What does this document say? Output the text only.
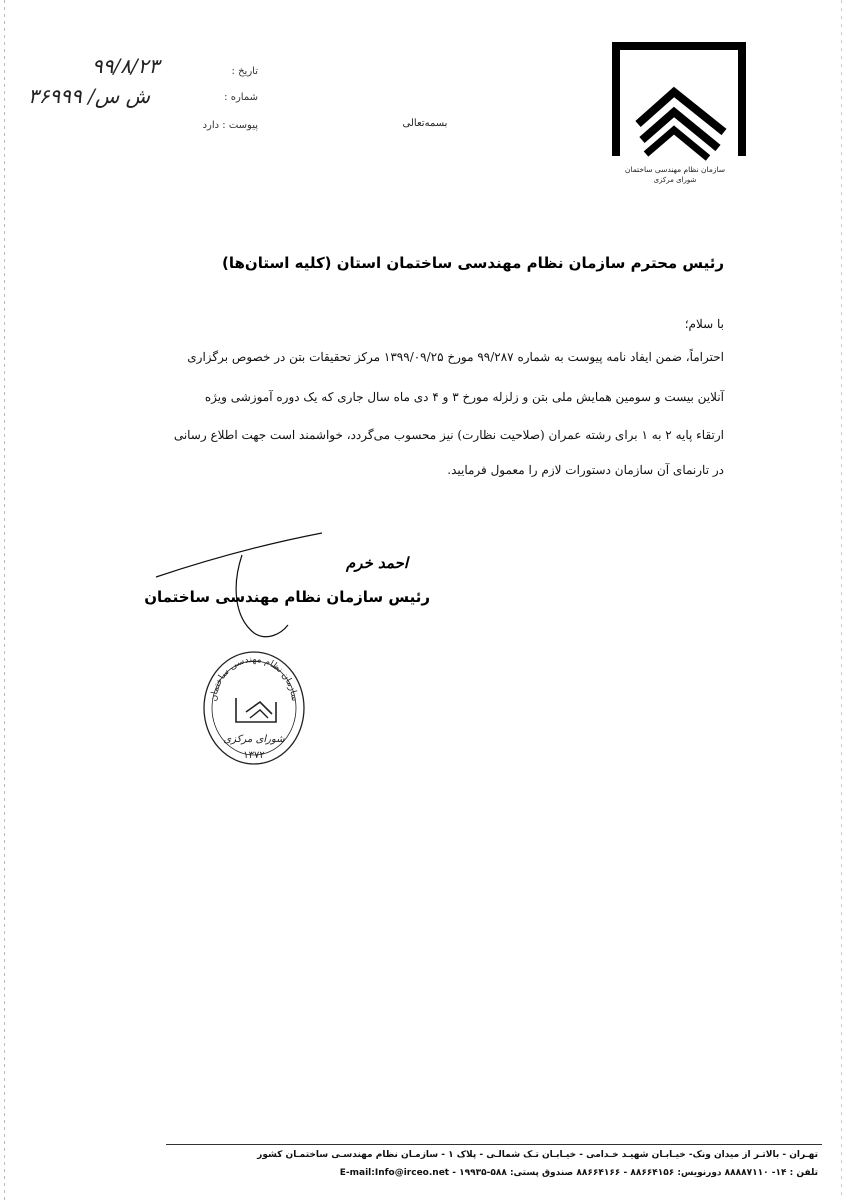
سازمان نظام مهندسی ساختمان
شورای مرکزی
بسمه‌تعالی
تاریخ :
۹۹/۸/۲۳
شماره :
ش س/ ۳۶۹۹۹
پیوست : دارد
رئیس محترم سازمان نظام مهندسی ساختمان استان (کلیه استان‌ها)
با سلام؛
احتراماً، ضمن ایفاد نامه پیوست به شماره ۹۹/۲۸۷ مورخ ۱۳۹۹/۰۹/۲۵ مرکز تحقیقات بتن در خصوص برگزاری
آنلاین بیست و سومین همایش ملی بتن و زلزله مورخ ۳ و ۴ دی ماه سال جاری که یک دوره آموزشی ویژه
ارتقاء پایه ۲ به ۱ برای رشته عمران (صلاحیت نظارت) نیز محسوب می‌گردد، خواشمند است جهت اطلاع رسانی
در تارنمای آن سازمان دستورات لازم را معمول فرمایید.
احمد خرم
رئیس سازمان نظام مهندسی ساختمان
سازمان نظام مهندسی ساختمان
شورای مرکزی
۱۳۷۲
تهـران - بالاتـر از میدان ونک- خیـابـان شهیـد خـدامی - خیـابـان تـک شمالـی - پلاک ۱ - سازمـان نظام مهندسـی ساختمـان کشور
تلفن : ۱۴- ۸۸۸۸۷۱۱۰ دورنویس: ۸۸۶۶۴۱۵۶ - ۸۸۶۶۴۱۶۶ صندوق پستی: ۵۸۸-۱۹۹۳۵ - E-mail:Info@irceo.net
